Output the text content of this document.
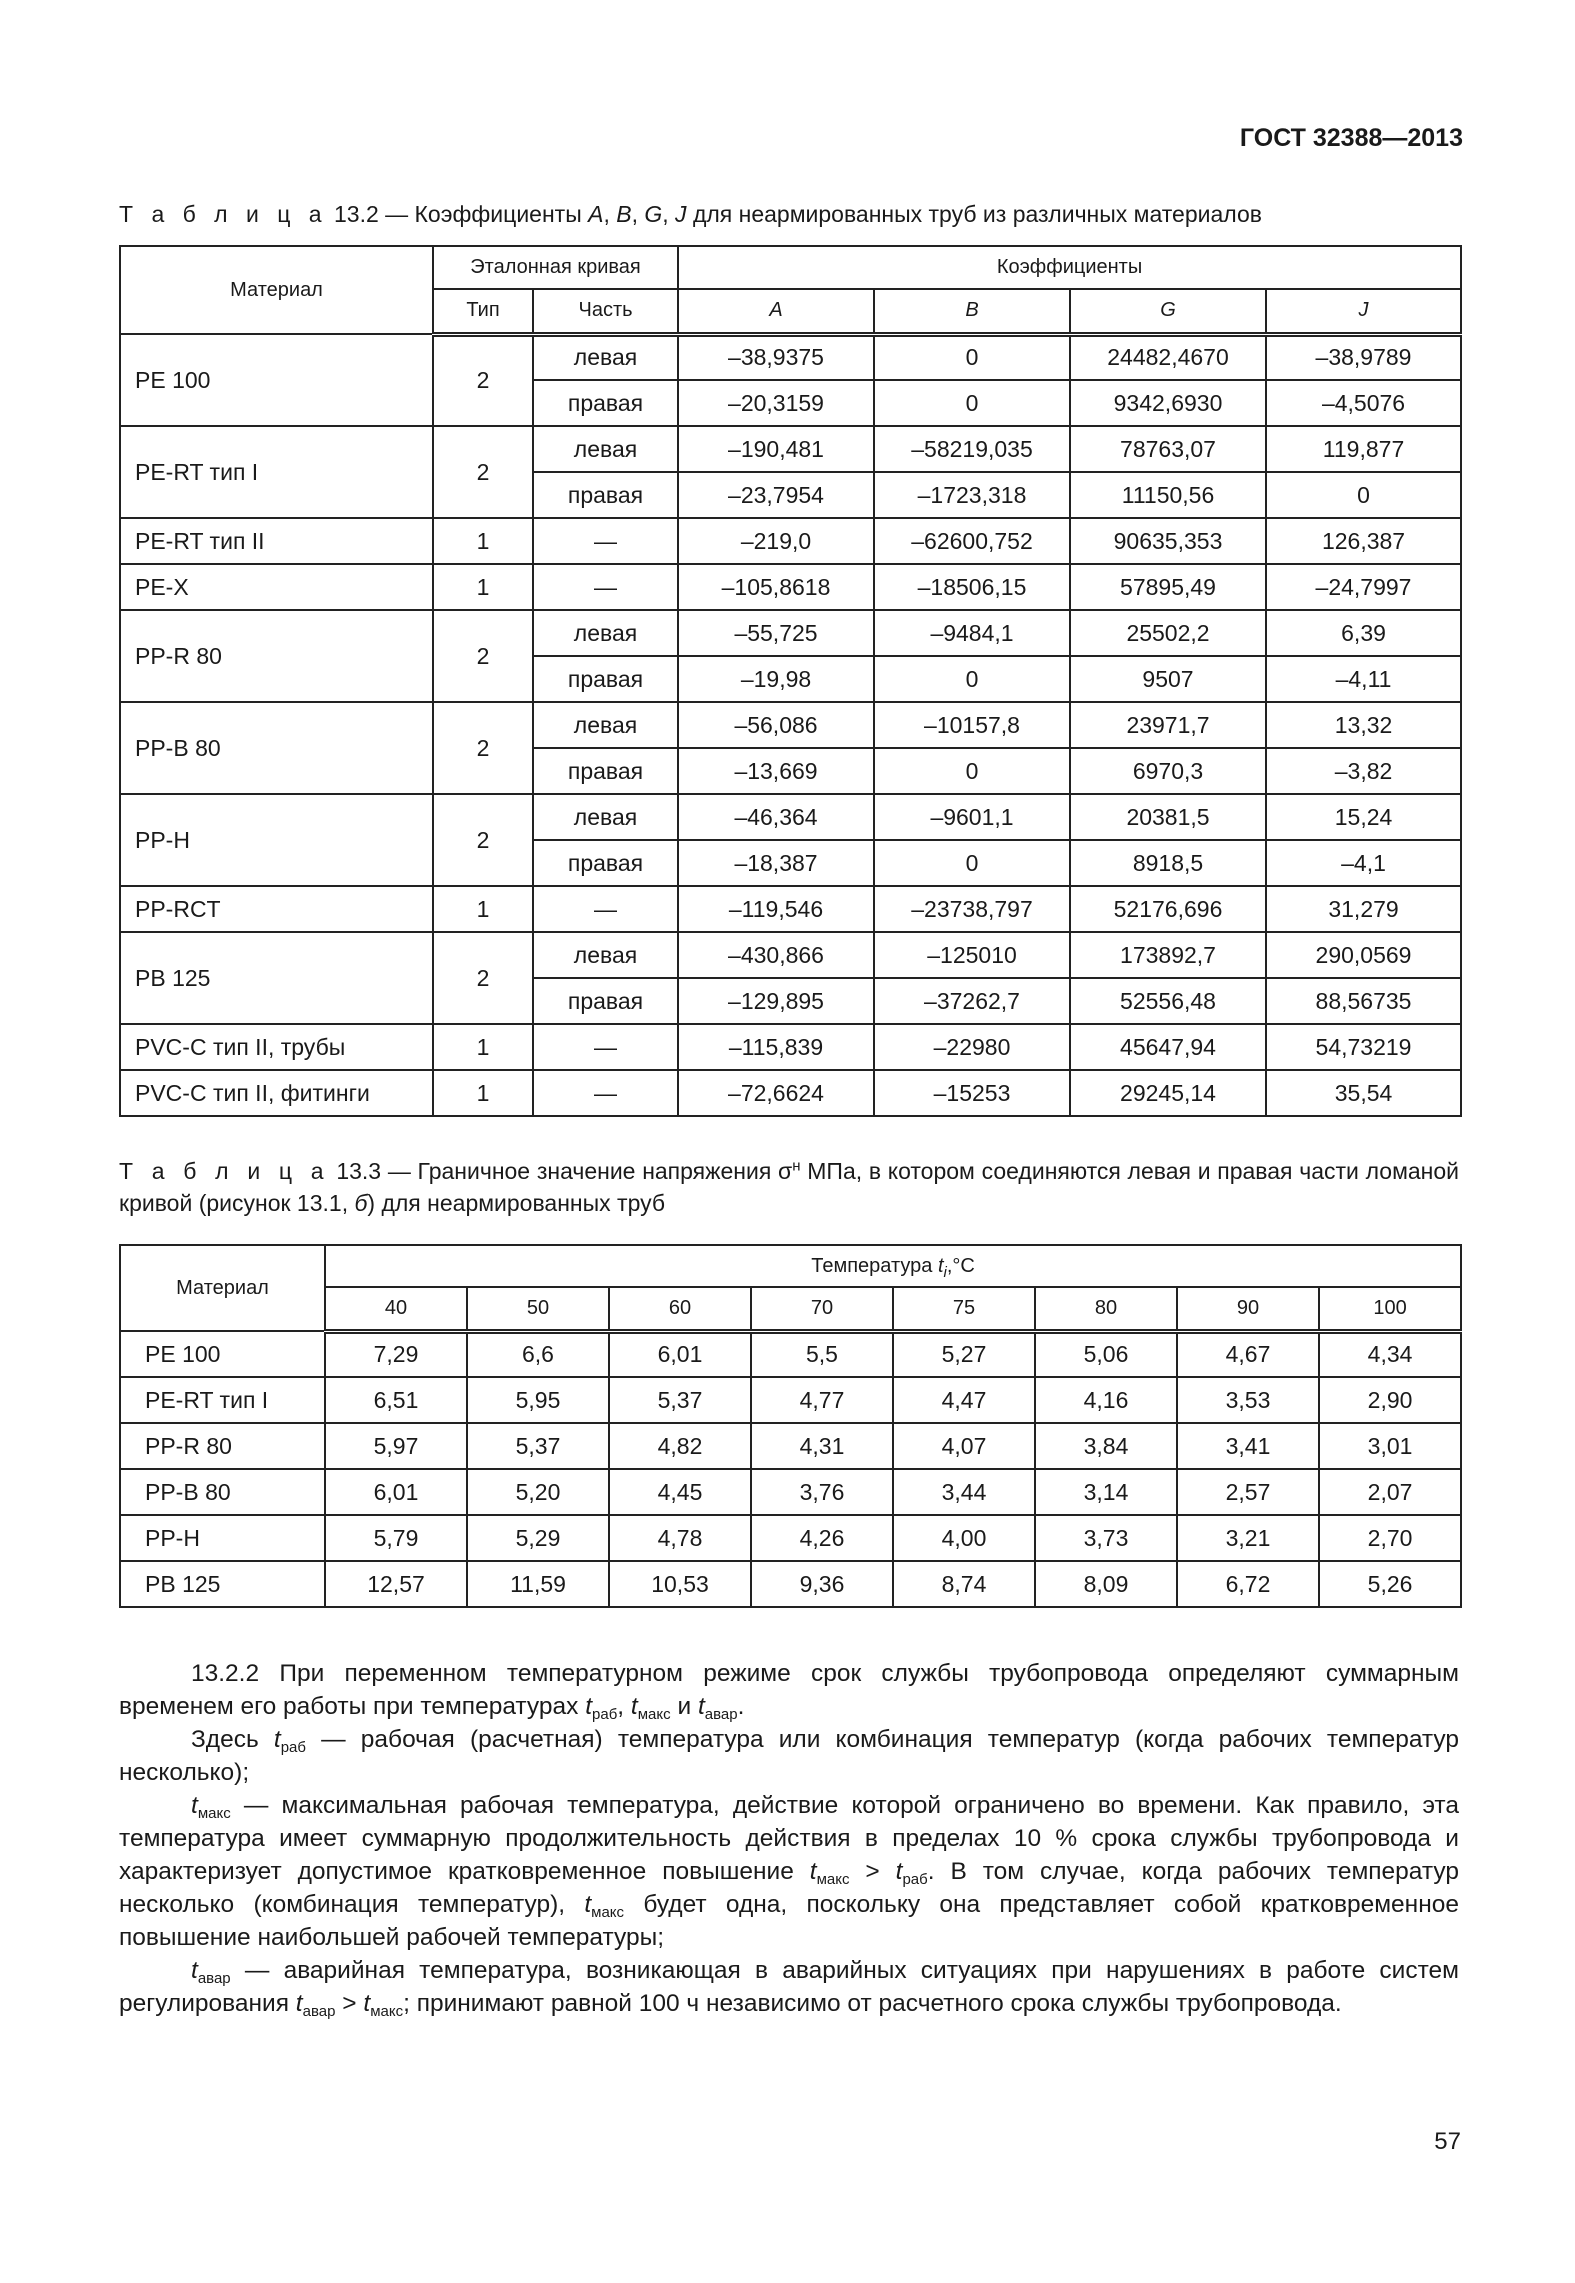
ГОСТ 32388—2013
Т а б л и ц а 13.2 — Коэффициенты A, B, G, J для неармированных труб из различных материалов
Материал	Эталонная кривая		Коэффициенты			
	Тип	Часть	A	B	G	J
PE 100	2	левая	–38,9375	0	24482,4670	–38,9789
		правая	–20,3159	0	9342,6930	–4,5076
PE-RT тип I	2	левая	–190,481	–58219,035	78763,07	119,877
		правая	–23,7954	–1723,318	11150,56	0
PE-RT тип II	1	—	–219,0	–62600,752	90635,353	126,387
PE-X	1	—	–105,8618	–18506,15	57895,49	–24,7997
PP-R 80	2	левая	–55,725	–9484,1	25502,2	6,39
		правая	–19,98	0	9507	–4,11
PP-B 80	2	левая	–56,086	–10157,8	23971,7	13,32
		правая	–13,669	0	6970,3	–3,82
PP-H	2	левая	–46,364	–9601,1	20381,5	15,24
		правая	–18,387	0	8918,5	–4,1
PP-RCT	1	—	–119,546	–23738,797	52176,696	31,279
PB 125	2	левая	–430,866	–125010	173892,7	290,0569
		правая	–129,895	–37262,7	52556,48	88,56735
PVC-C тип II, трубы	1	—	–115,839	–22980	45647,94	54,73219
PVC-C тип II, фитинги	1	—	–72,6624	–15253	29245,14	35,54
Т а б л и ц а 13.3 — Граничное значение напряжения $\sigma^н$ МПа, в котором соединяются левая и правая части ломаной кривой (рисунок 13.1, б) для неармированных труб
Материал	Температура $t_i,^\circ C$							
	40	50	60	70	75	80	90	100
PE 100	7,29	6,6	6,01	5,5	5,27	5,06	4,67	4,34
PE-RT тип I	6,51	5,95	5,37	4,77	4,47	4,16	3,53	2,90
PP-R 80	5,97	5,37	4,82	4,31	4,07	3,84	3,41	3,01
PP-B 80	6,01	5,20	4,45	3,76	3,44	3,14	2,57	2,07
PP-H	5,79	5,29	4,78	4,26	4,00	3,73	3,21	2,70
PB 125	12,57	11,59	10,53	9,36	8,74	8,09	6,72	5,26

13.2.2 При переменном температурном режиме срок службы трубопровода определяют суммарным временем его работы при температурах $t_{раб}$, $t_{макс}$ и $t_{авар}$.

Здесь $t_{раб}$ — рабочая (расчетная) температура или комбинация температур (когда рабочих температур несколько);

$t_{макс}$ — максимальная рабочая температура, действие которой ограничено во времени. Как правило, эта температура имеет суммарную продолжительность действия в пределах 10 % срока службы трубопровода и характеризует допустимое кратковременное повышение $t_{макс} > t_{раб}$. В том случае, когда рабочих температур несколько (комбинация температур), $t_{макс}$ будет одна, поскольку она представляет собой кратковременное повышение наибольшей рабочей температуры;

$t_{авар}$ — аварийная температура, возникающая в аварийных ситуациях при нарушениях в работе систем регулирования $t_{авар} > t_{макс}$; принимают равной 100 ч независимо от расчетного срока службы трубопровода.

57
